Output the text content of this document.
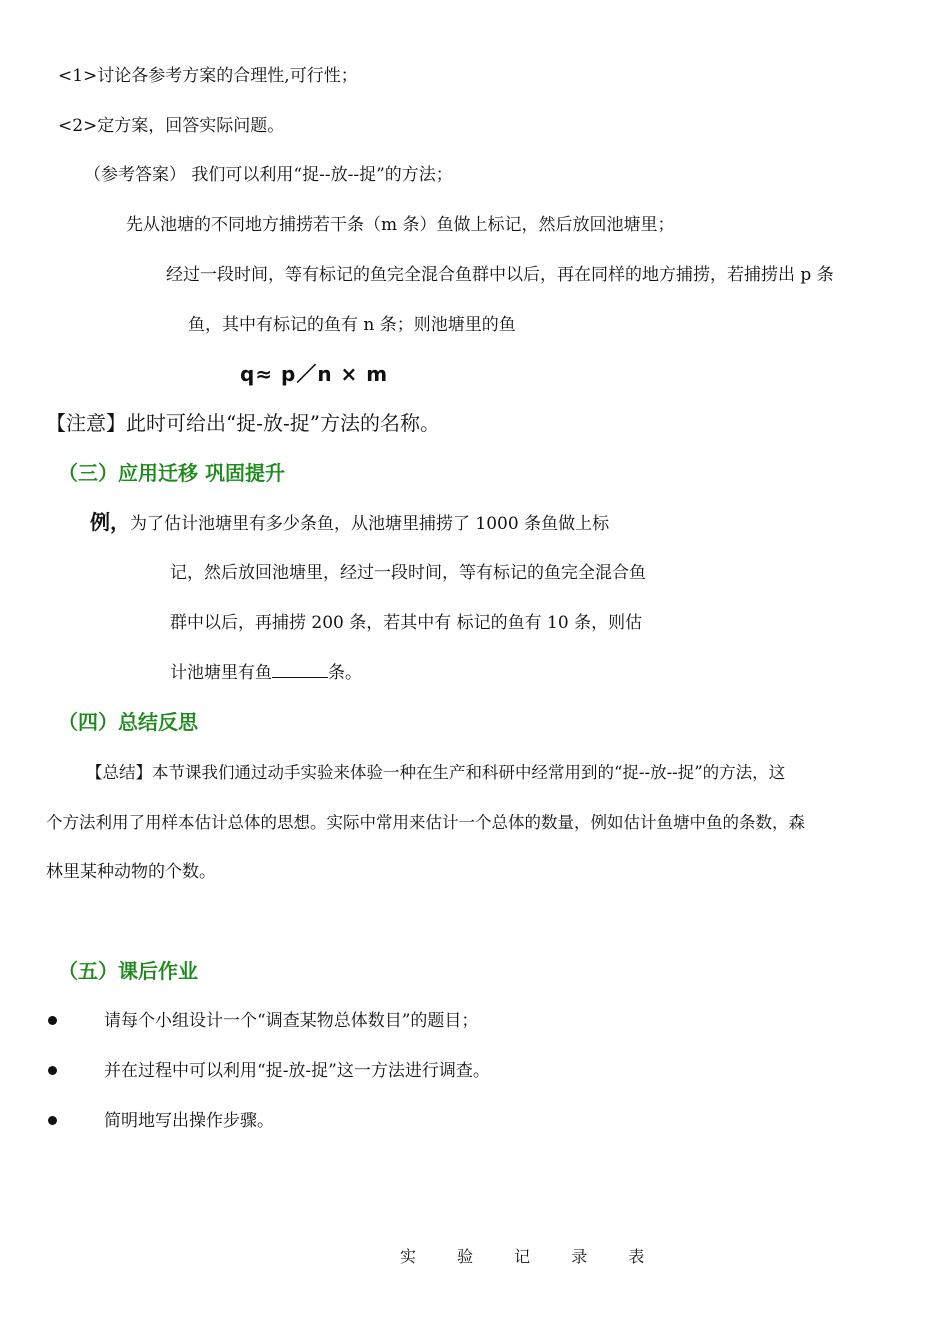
<1>讨论各参考方案的合理性,可行性；
<2>定方案，回答实际问题。
（参考答案） 我们可以利用“捉--放--捉”的方法；
先从池塘的不同地方捕捞若干条（m 条）鱼做上标记，然后放回池塘里；
经过一段时间，等有标记的鱼完全混合鱼群中以后，再在同样的地方捕捞，若捕捞出 p 条
鱼，其中有标记的鱼有 n 条；则池塘里的鱼
q≈ p／n × m
【注意】此时可给出“捉-放-捉”方法的名称。
（三）应用迁移 巩固提升
例，为了估计池塘里有多少条鱼，从池塘里捕捞了 1000 条鱼做上标
记，然后放回池塘里，经过一段时间，等有标记的鱼完全混合鱼
群中以后，再捕捞 200 条，若其中有 标记的鱼有 10 条，则估
计池塘里有鱼	条。
（四）总结反思
【总结】本节课我们通过动手实验来体验一种在生产和科研中经常用到的“捉--放--捉”的方法，这
个方法利用了用样本估计总体的思想。实际中常用来估计一个总体的数量，例如估计鱼塘中鱼的条数，森
林里某种动物的个数。
（五）课后作业
请每个小组设计一个“调查某物总体数目”的题目；
并在过程中可以利用“捉-放-捉”这一方法进行调查。
简明地写出操作步骤。
实 验 记 录 表
